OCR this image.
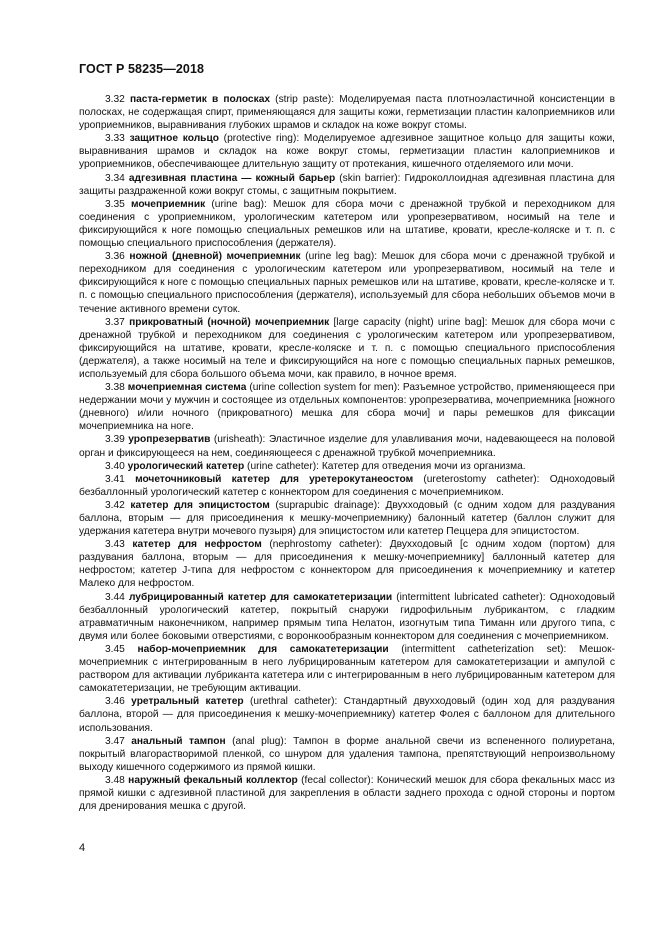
ГОСТ Р 58235—2018

3.32 паста-герметик в полосках (strip paste): Моделируемая паста плотноэластичной консистенции в полосках, не содержащая спирт, применяющаяся для защиты кожи, герметизации пластин калоприемников или уроприемников, выравнивания глубоких шрамов и складок на коже вокруг стомы.

3.33 защитное кольцо (protective ring): Моделируемое адгезивное защитное кольцо для защиты кожи, выравнивания шрамов и складок на коже вокруг стомы, герметизации пластин калоприемников и уроприемников, обеспечивающее длительную защиту от протекания, кишечного отделяемого или мочи.

3.34 адгезивная пластина — кожный барьер (skin barrier): Гидроколлоидная адгезивная пластина для защиты раздраженной кожи вокруг стомы, с защитным покрытием.

3.35 мочеприемник (urine bag): Мешок для сбора мочи с дренажной трубкой и переходником для соединения с уроприемником, урологическим катетером или уропрезервативом, носимый на теле и фиксирующийся к ноге помощью специальных ремешков или на штативе, кровати, кресле-коляске и т. п. с помощью специального приспособления (держателя).

3.36 ножной (дневной) мочеприемник (urine leg bag): Мешок для сбора мочи с дренажной трубкой и переходником для соединения с урологическим катетером или уропрезервативом, носимый на теле и фиксирующийся к ноге с помощью специальных парных ремешков или на штативе, кровати, кресле-коляске и т. п. с помощью специального приспособления (держателя), используемый для сбора небольших объемов мочи в течение активного времени суток.

3.37 прикроватный (ночной) мочеприемник [large capacity (night) urine bag]: Мешок для сбора мочи с дренажной трубкой и переходником для соединения с урологическим катетером или уропрезервативом, фиксирующийся на штативе, кровати, кресле-коляске и т. п. с помощью специального приспособления (держателя), а также носимый на теле и фиксирующийся на ноге с помощью специальных парных ремешков, используемый для сбора большого объема мочи, как правило, в ночное время.

3.38 мочеприемная система (urine collection system for men): Разъемное устройство, применяющееся при недержании мочи у мужчин и состоящее из отдельных компонентов: уропрезерватива, мочеприемника [ножного (дневного) и/или ночного (прикроватного) мешка для сбора мочи] и пары ремешков для фиксации мочеприемника на ноге.

3.39 уропрезерватив (urisheath): Эластичное изделие для улавливания мочи, надевающееся на половой орган и фиксирующееся на нем, соединяющееся с дренажной трубкой мочеприемника.

3.40 урологический катетер (urine catheter): Катетер для отведения мочи из организма.

3.41 мочеточниковый катетер для уретерокутанеостом (ureterostomy catheter): Одноходовый безбаллонный урологический катетер с коннектором для соединения с мочеприемником.

3.42 катетер для эпицистостом (suprapubic drainage): Двухходовый (с одним ходом для раздувания баллона, вторым — для присоединения к мешку-мочеприемнику) балонный катетер (баллон служит для удержания катетера внутри мочевого пузыря) для эпицистостом или катетер Пеццера для эпицистостом.

3.43 катетер для нефростом (nephrostomy catheter): Двухходовый [с одним ходом (портом) для раздувания баллона, вторым — для присоединения к мешку-мочеприемнику] баллонный катетер для нефростом; катетер J-типа для нефростом с коннектором для присоединения к мочеприемнику и катетер Малеко для нефростом.

3.44 лубрицированный катетер для самокатетеризации (intermittent lubricated catheter): Одноходовый безбаллонный урологический катетер, покрытый снаружи гидрофильным лубрикантом, с гладким атравматичным наконечником, например прямым типа Нелатон, изогнутым типа Тиманн или другого типа, с двумя или более боковыми отверстиями, с воронкообразным коннектором для соединения с мочеприемником.

3.45 набор-мочеприемник для самокатетеризации (intermittent catheterization set): Мешок-мочеприемник с интегрированным в него лубрицированным катетером для самокатетеризации и ампулой с раствором для активации лубриканта катетера или с интегрированным в него лубрицированным катетером для самокатетеризации, не требующим активации.

3.46 уретральный катетер (urethral catheter): Стандартный двухходовый (один ход для раздувания баллона, второй — для присоединения к мешку-мочеприемнику) катетер Фолея с баллоном для длительного использования.

3.47 анальный тампон (anal plug): Тампон в форме анальной свечи из вспененного полиуретана, покрытый влагорастворимой пленкой, со шнуром для удаления тампона, препятствующий непроизвольному выходу кишечного содержимого из прямой кишки.

3.48 наружный фекальный коллектор (fecal collector): Конический мешок для сбора фекальных масс из прямой кишки с адгезивной пластиной для закрепления в области заднего прохода с одной стороны и портом для дренирования мешка с другой.

4
